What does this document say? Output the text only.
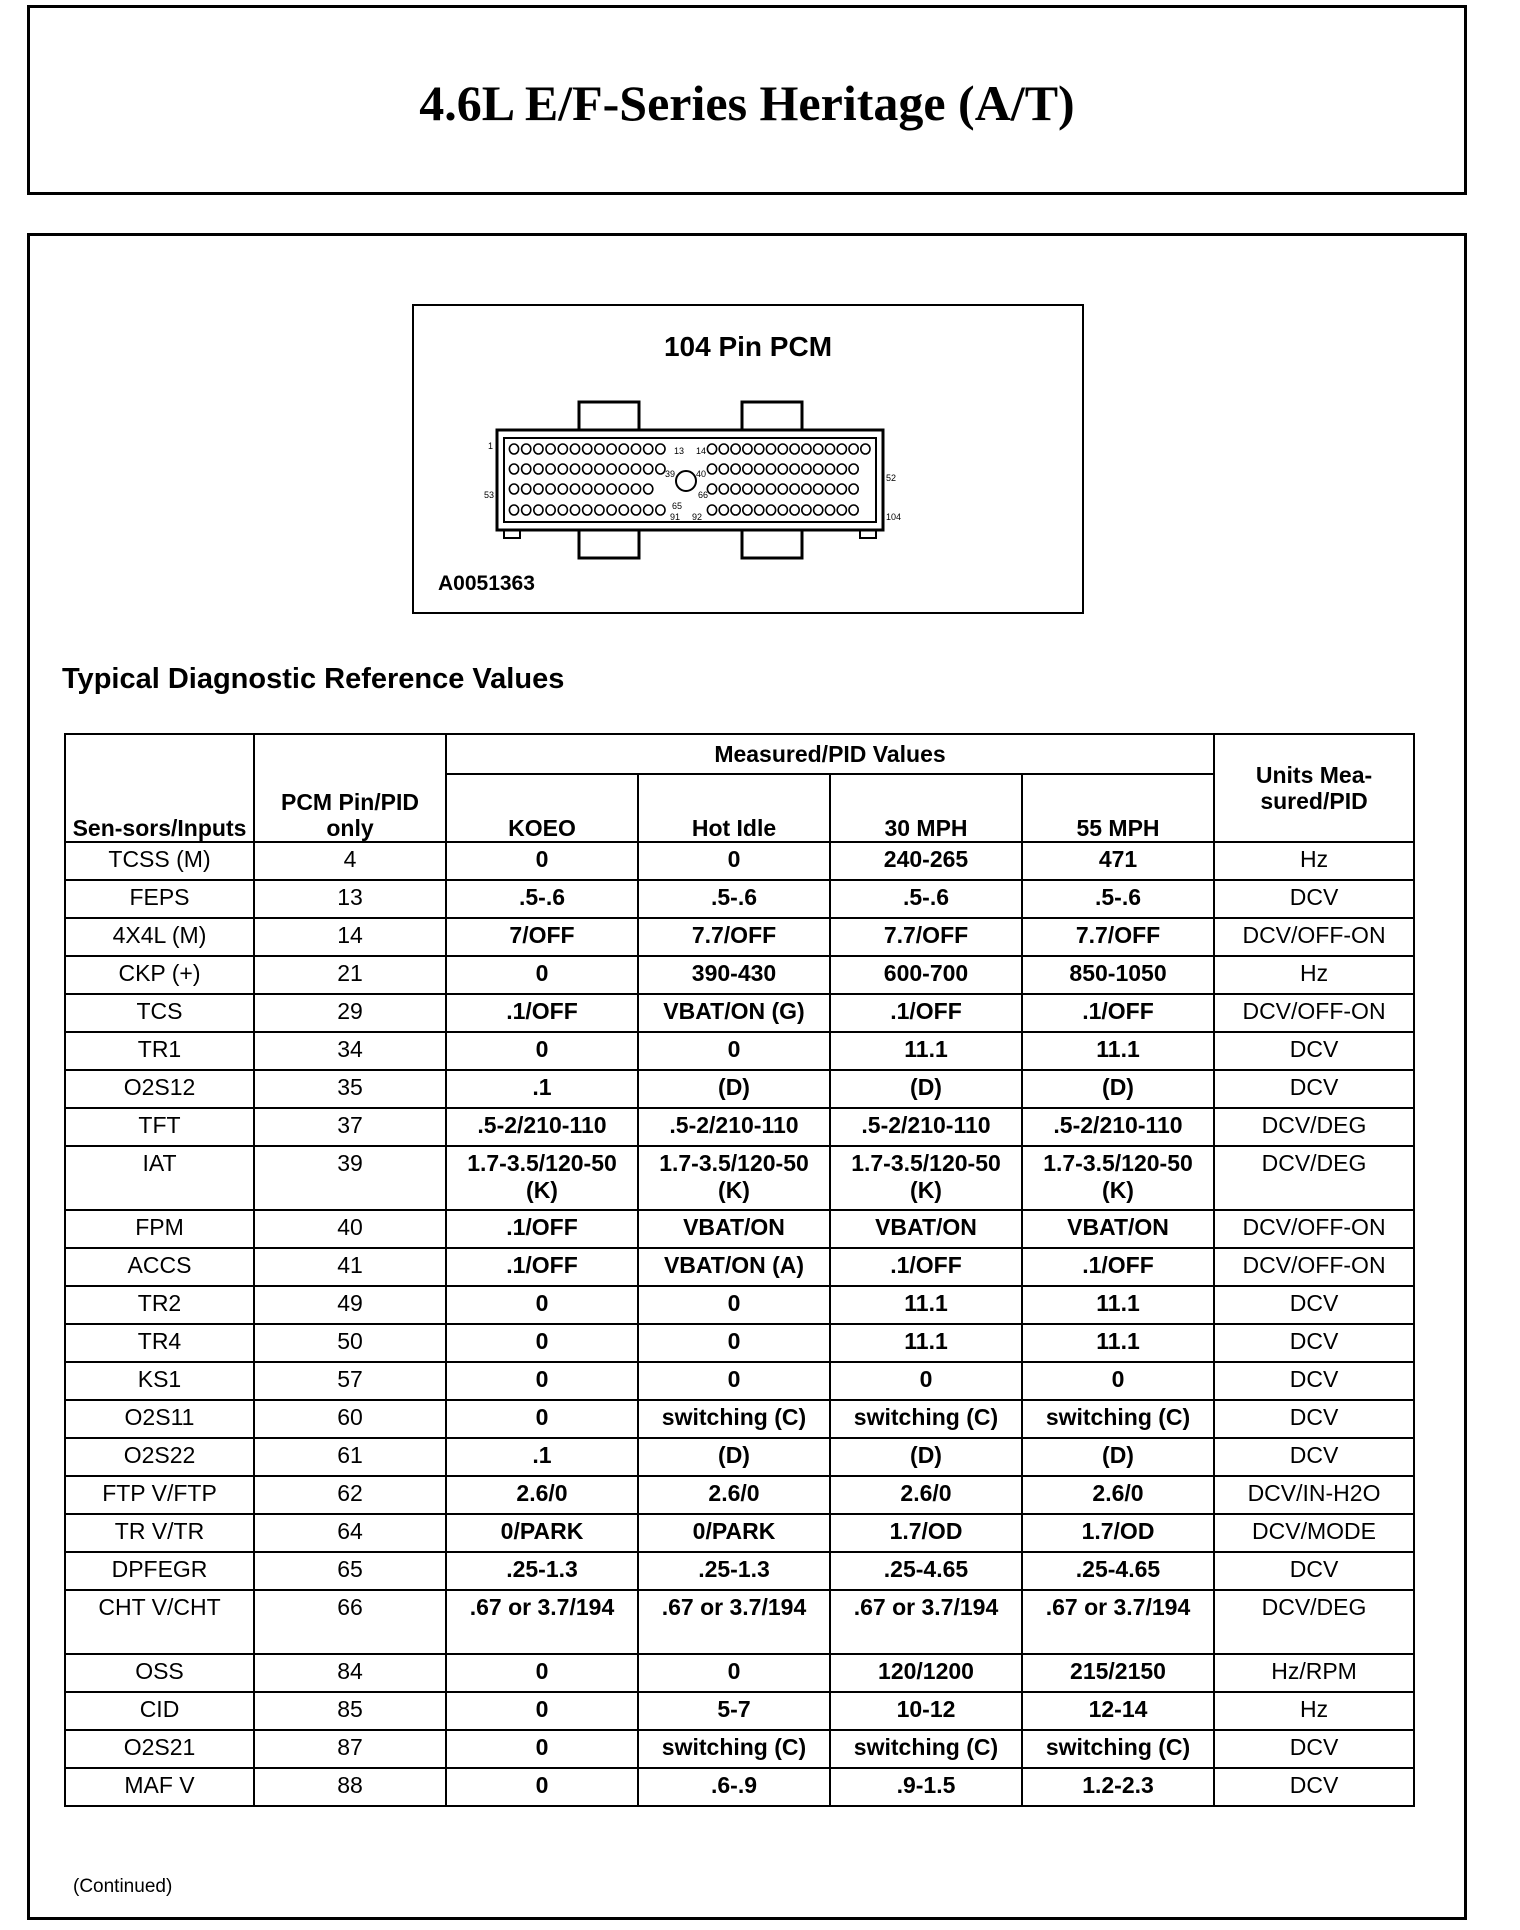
4.6L E/F-Series Heritage (A/T)
104 Pin PCM
1	13 14
52
39 40
53
65
66
91 92	104
A0051363
Typical Diagnostic Reference Values
Sen-sors/Inputs	PCM Pin/PID only	Measured/PID Values				Units Mea-sured/PID
		KOEO	Hot Idle	30 MPH	55 MPH	
TCSS (M)	4	0	0	240-265	471	Hz
FEPS	13	.5-.6	.5-.6	.5-.6	.5-.6	DCV
4X4L (M)	14	7/OFF	7.7/OFF	7.7/OFF	7.7/OFF	DCV/OFF-ON
CKP (+)	21	0	390-430	600-700	850-1050	Hz
TCS	29	.1/OFF	VBAT/ON (G)	.1/OFF	.1/OFF	DCV/OFF-ON
TR1	34	0	0	11.1	11.1	DCV
O2S12	35	.1	(D)	(D)	(D)	DCV
TFT	37	.5-2/210-110	.5-2/210-110	.5-2/210-110	.5-2/210-110	DCV/DEG
IAT	39	1.7-3.5/120-50 (K)	1.7-3.5/120-50 (K)	1.7-3.5/120-50 (K)	1.7-3.5/120-50 (K)	DCV/DEG
FPM	40	.1/OFF	VBAT/ON	VBAT/ON	VBAT/ON	DCV/OFF-ON
ACCS	41	.1/OFF	VBAT/ON (A)	.1/OFF	.1/OFF	DCV/OFF-ON
TR2	49	0	0	11.1	11.1	DCV
TR4	50	0	0	11.1	11.1	DCV
KS1	57	0	0	0	0	DCV
O2S11	60	0	switching (C)	switching (C)	switching (C)	DCV
O2S22	61	.1	(D)	(D)	(D)	DCV
FTP V/FTP	62	2.6/0	2.6/0	2.6/0	2.6/0	DCV/IN-H2O
TR V/TR	64	0/PARK	0/PARK	1.7/OD	1.7/OD	DCV/MODE
DPFEGR	65	.25-1.3	.25-1.3	.25-4.65	.25-4.65	DCV
CHT V/CHT	66	.67 or 3.7/194	.67 or 3.7/194	.67 or 3.7/194	.67 or 3.7/194	DCV/DEG
OSS	84	0	0	120/1200	215/2150	Hz/RPM
CID	85	0	5-7	10-12	12-14	Hz
O2S21	87	0	switching (C)	switching (C)	switching (C)	DCV
MAF V	88	0	.6-.9	.9-1.5	1.2-2.3	DCV
(Continued)
